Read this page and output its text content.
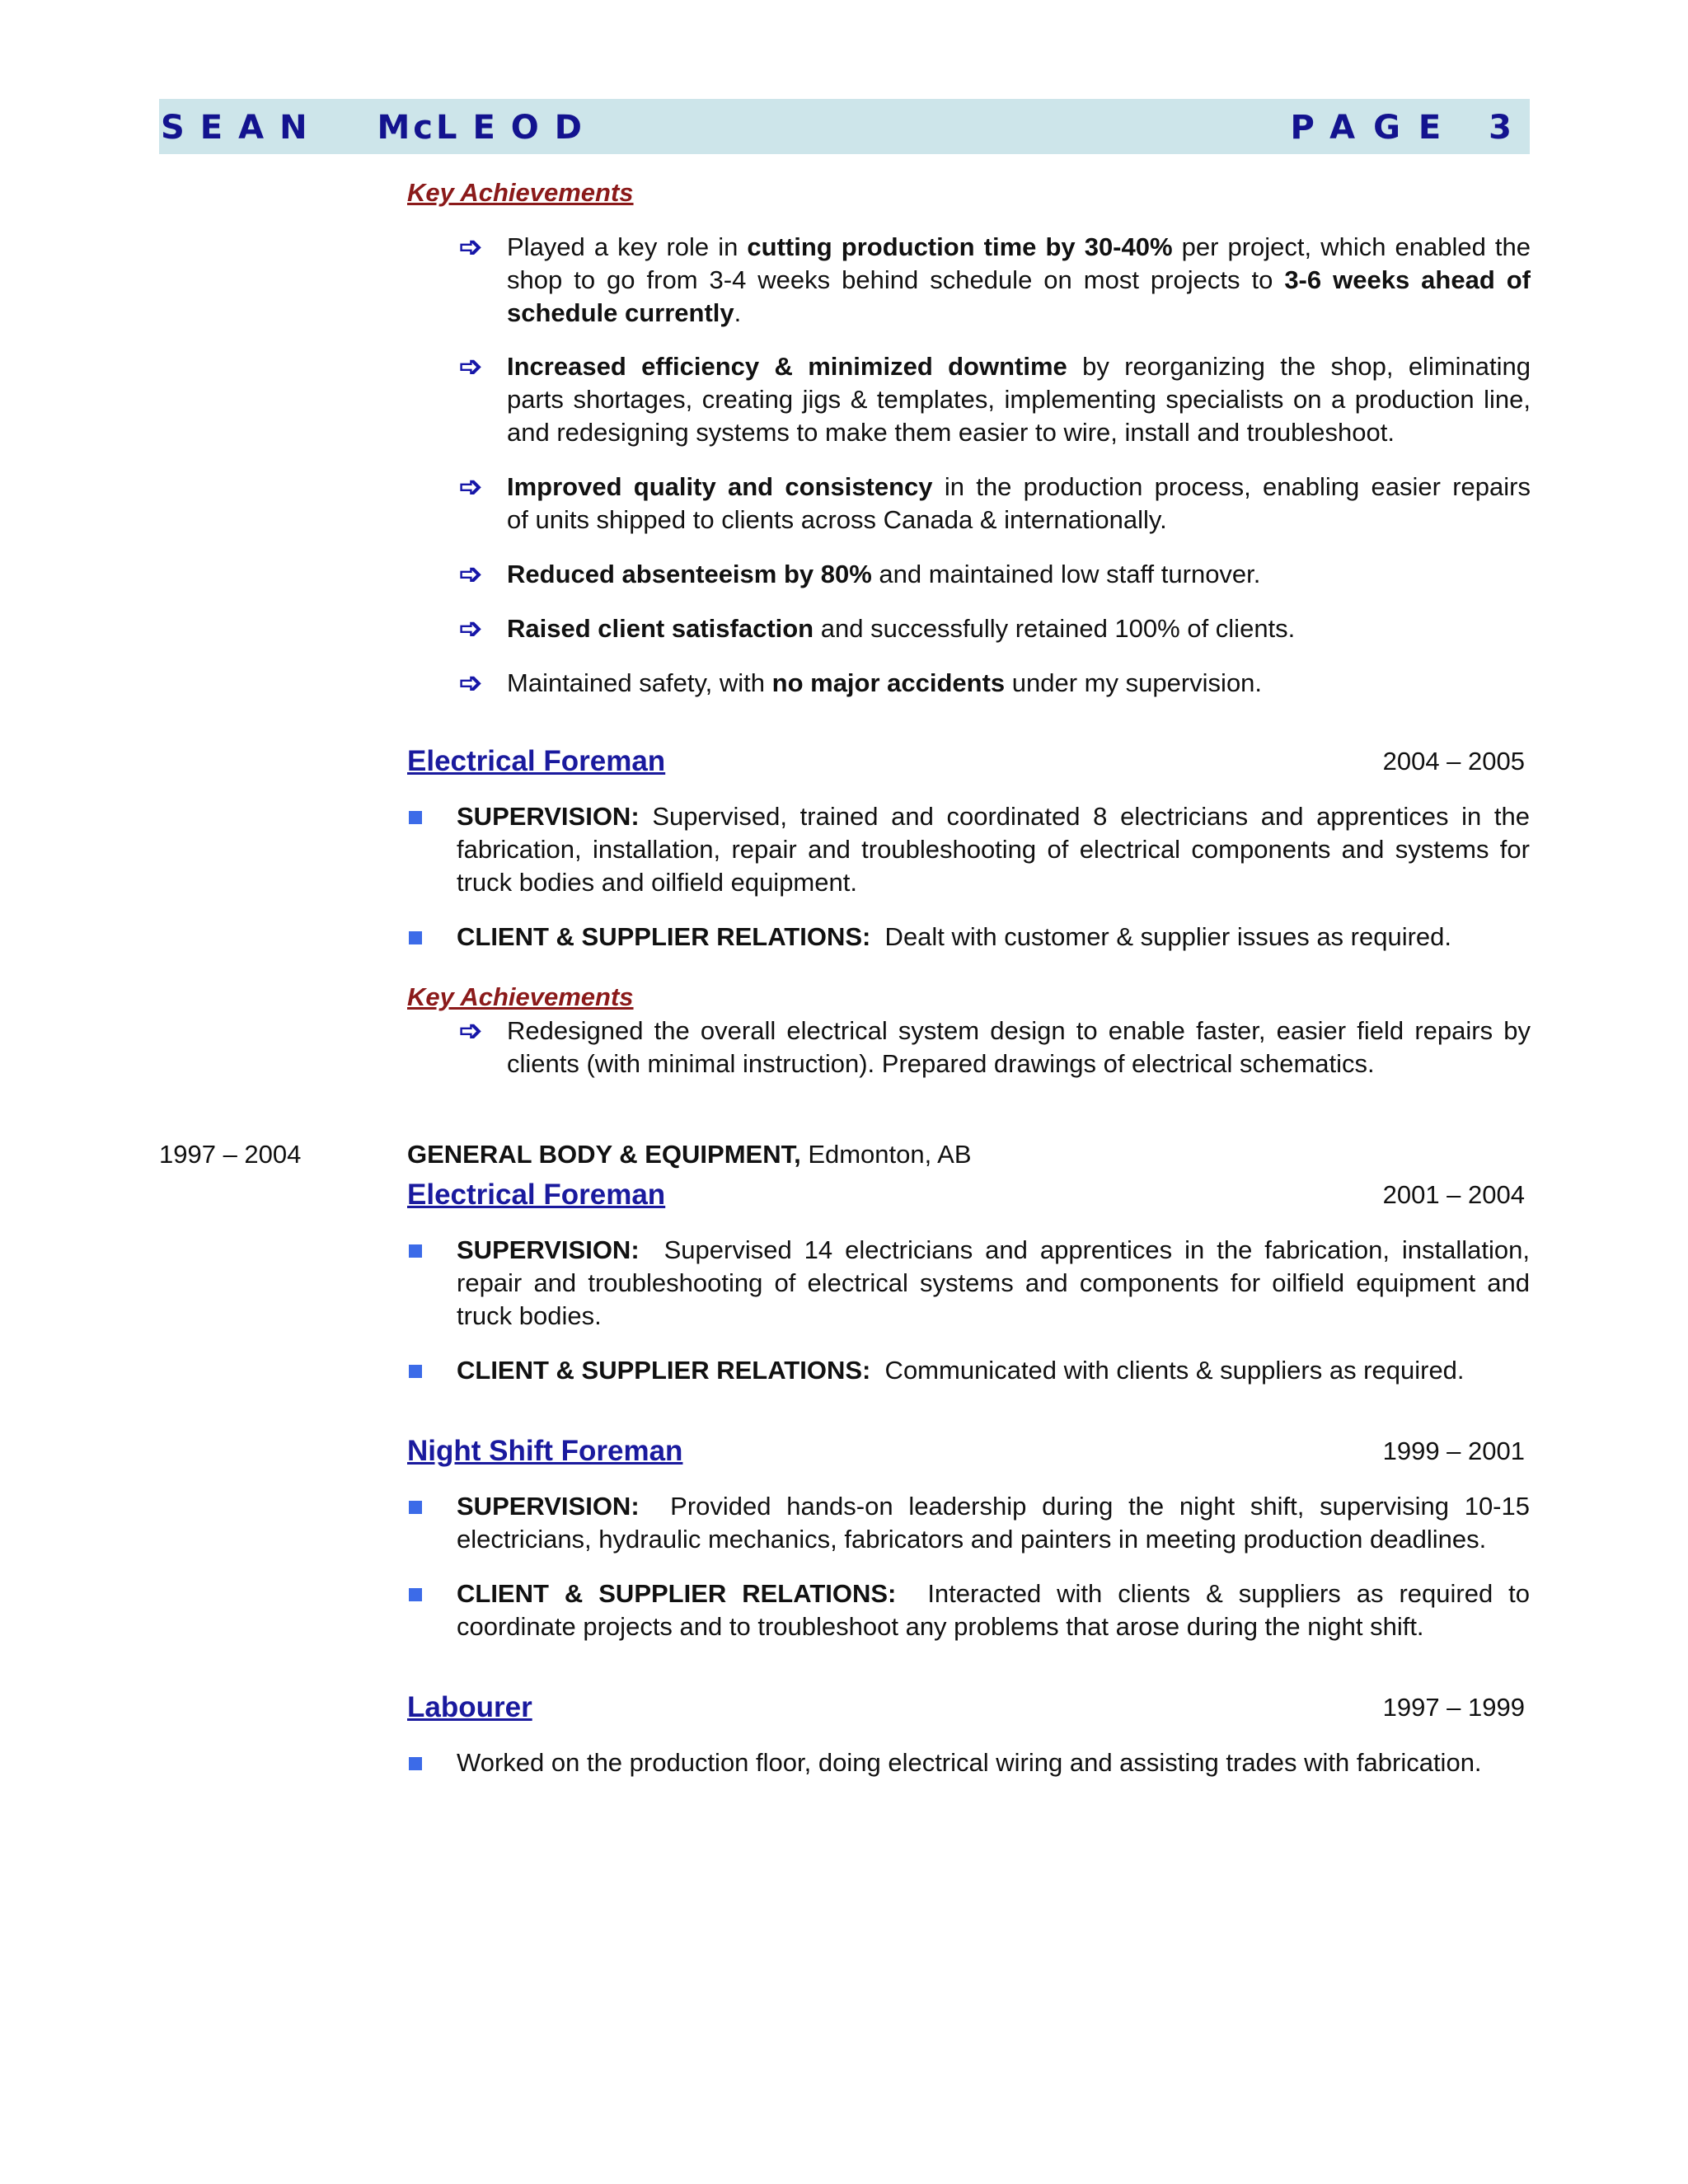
SEAN McLEOD	PAGE 3
Key Achievements
➩ Played a key role in cutting production time by 30-40% per project, which enabled the
shop to go from 3-4 weeks behind schedule on most projects to 3-6 weeks ahead of
schedule currently.
➩ Increased efficiency & minimized downtime by reorganizing the shop, eliminating
parts shortages, creating jigs & templates, implementing specialists on a production line,
and redesigning systems to make them easier to wire, install and troubleshoot.
➩ Improved quality and consistency in the production process, enabling easier repairs
of units shipped to clients across Canada & internationally.
➩ Reduced absenteeism by 80% and maintained low staff turnover.
➩ Raised client satisfaction and successfully retained 100% of clients.
➩ Maintained safety, with no major accidents under my supervision.
Electrical Foreman	2004 – 2005
SUPERVISION: Supervised, trained and coordinated 8 electricians and apprentices in the
fabrication, installation, repair and troubleshooting of electrical components and systems for
truck bodies and oilfield equipment.
CLIENT & SUPPLIER RELATIONS:  Dealt with customer & supplier issues as required.
Key Achievements
➩ Redesigned the overall electrical system design to enable faster, easier field repairs by
clients (with minimal instruction). Prepared drawings of electrical schematics.
1997 – 2004	GENERAL BODY & EQUIPMENT, Edmonton, AB
Electrical Foreman	2001 – 2004
SUPERVISION:  Supervised 14 electricians and apprentices in the fabrication, installation,
repair and troubleshooting of electrical systems and components for oilfield equipment and
truck bodies.
CLIENT & SUPPLIER RELATIONS:  Communicated with clients & suppliers as required.
Night Shift Foreman	1999 – 2001
SUPERVISION:  Provided hands-on leadership during the night shift, supervising 10-15
electricians, hydraulic mechanics, fabricators and painters in meeting production deadlines.
CLIENT & SUPPLIER RELATIONS:  Interacted with clients & suppliers as required to
coordinate projects and to troubleshoot any problems that arose during the night shift.
Labourer	1997 – 1999
Worked on the production floor, doing electrical wiring and assisting trades with fabrication.
